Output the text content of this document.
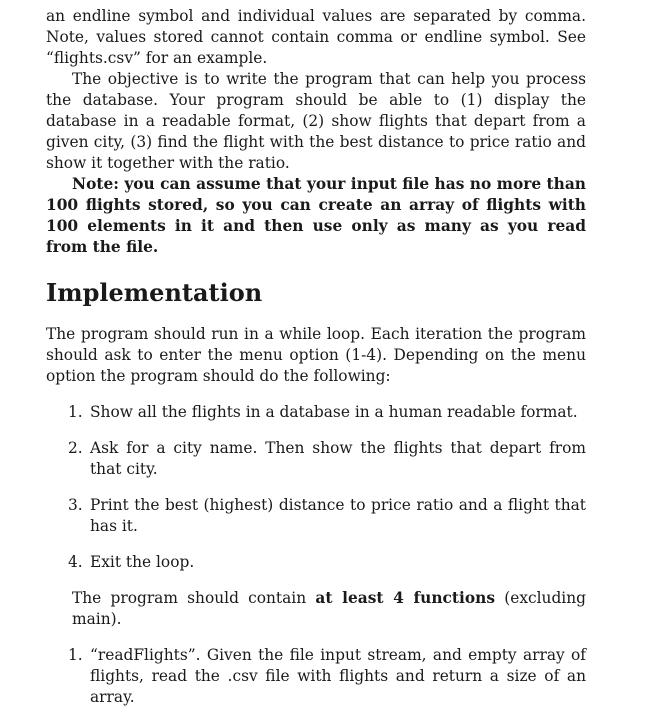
an endline symbol and individual values are separated by comma. Note, values stored cannot contain comma or endline symbol. See “flights.csv” for an example.

The objective is to write the program that can help you process the database. Your program should be able to (1) display the database in a readable format, (2) show flights that depart from a given city, (3) find the flight with the best distance to price ratio and show it together with the ratio.

Note: you can assume that your input file has no more than 100 flights stored, so you can create an array of flights with 100 elements in it and then use only as many as you read from the file.

Implementation

The program should run in a while loop. Each iteration the program should ask to enter the menu option (1-4). Depending on the menu option the program should do the following:

1. Show all the flights in a database in a human readable format.
2. Ask for a city name. Then show the flights that depart from that city.
3. Print the best (highest) distance to price ratio and a flight that has it.
4. Exit the loop.

The program should contain at least 4 functions (excluding main).

1. “readFlights”. Given the file input stream, and empty array of flights, read the .csv file with flights and return a size of an array.
